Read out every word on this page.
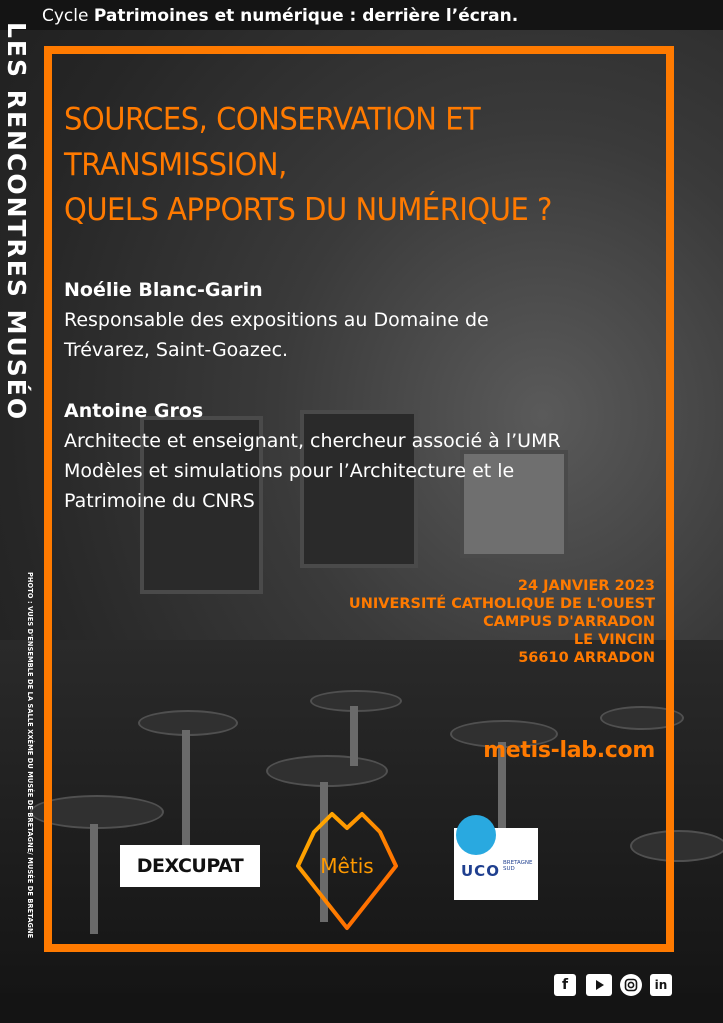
Cycle Patrimoines et numérique : derrière l’écran.
LES RENCONTRES MUSÉO
PHOTO : VUES D'ENSEMBLE DE LA SALLE XXÈME DU MUSÉE DE BRETAGNE/ MUSÉE DE BRETAGNE
SOURCES, CONSERVATION ET TRANSMISSION,
QUELS APPORTS DU NUMÉRIQUE ?
Noélie Blanc-Garin
Responsable des expositions au Domaine de
Trévarez, Saint-Goazec.
Antoine Gros
Architecte et enseignant, chercheur associé à l’UMR
Modèles et simulations pour l’Architecture et le
Patrimoine du CNRS
24 JANVIER 2023
UNIVERSITÉ CATHOLIQUE DE L'OUEST
CAMPUS D'ARRADON
LE VINCIN
56610 ARRADON
metis-lab.com
DEXCUPAT	Mêtis	UCO BRETAGNE
SUD
f	in
